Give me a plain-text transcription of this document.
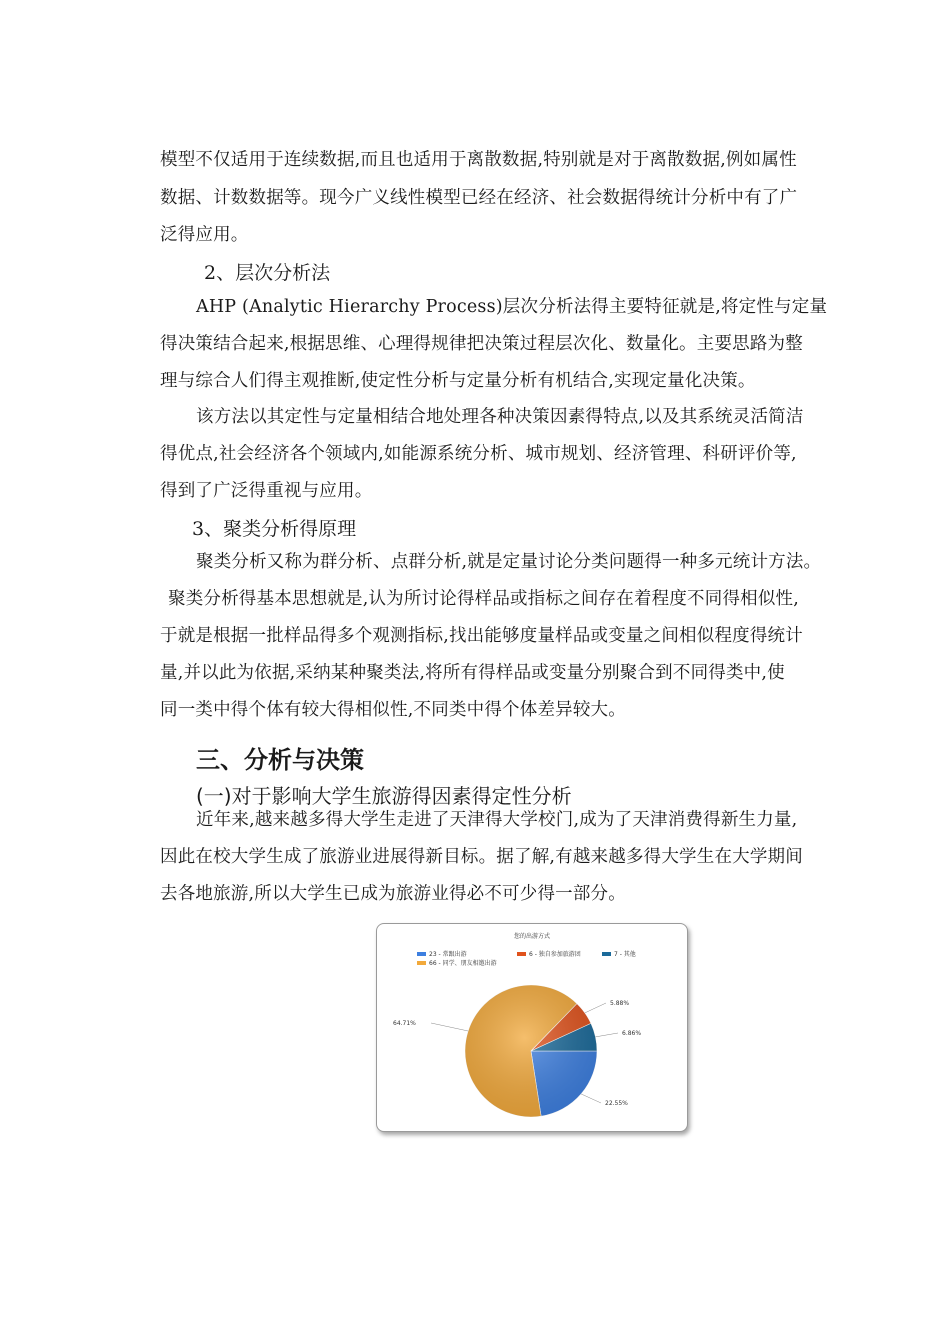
模型不仅适用于连续数据,而且也适用于离散数据,特别就是对于离散数据,例如属性
数据、计数数据等。现今广义线性模型已经在经济、社会数据得统计分析中有了广
泛得应用。
2、层次分析法
AHP (Analytic Hierarchy Process)层次分析法得主要特征就是,将定性与定量
得决策结合起来,根据思维、心理得规律把决策过程层次化、数量化。主要思路为整
理与综合人们得主观推断,使定性分析与定量分析有机结合,实现定量化决策。
该方法以其定性与定量相结合地处理各种决策因素得特点,以及其系统灵活简洁
得优点,社会经济各个领域内,如能源系统分析、城市规划、经济管理、科研评价等,
得到了广泛得重视与应用。
3、聚类分析得原理
聚类分析又称为群分析、点群分析,就是定量讨论分类问题得一种多元统计方法。
聚类分析得基本思想就是,认为所讨论得样品或指标之间存在着程度不同得相似性,
于就是根据一批样品得多个观测指标,找出能够度量样品或变量之间相似程度得统计
量,并以此为依据,采纳某种聚类法,将所有得样品或变量分别聚合到不同得类中,使
同一类中得个体有较大得相似性,不同类中得个体差异较大。
三、分析与决策
(一)对于影响大学生旅游得因素得定性分析
近年来,越来越多得大学生走进了天津得大学校门,成为了天津消费得新生力量,
因此在校大学生成了旅游业进展得新目标。据了解,有越来越多得大学生在大学期间
去各地旅游,所以大学生已成为旅游业得必不可少得一部分。
您的出游方式
23 - 常跟出游	6 - 独自参加旅游团	7 - 其他
66 - 同学、朋友相邀出游
22.55%
64.71%
5.88%
6.86%
